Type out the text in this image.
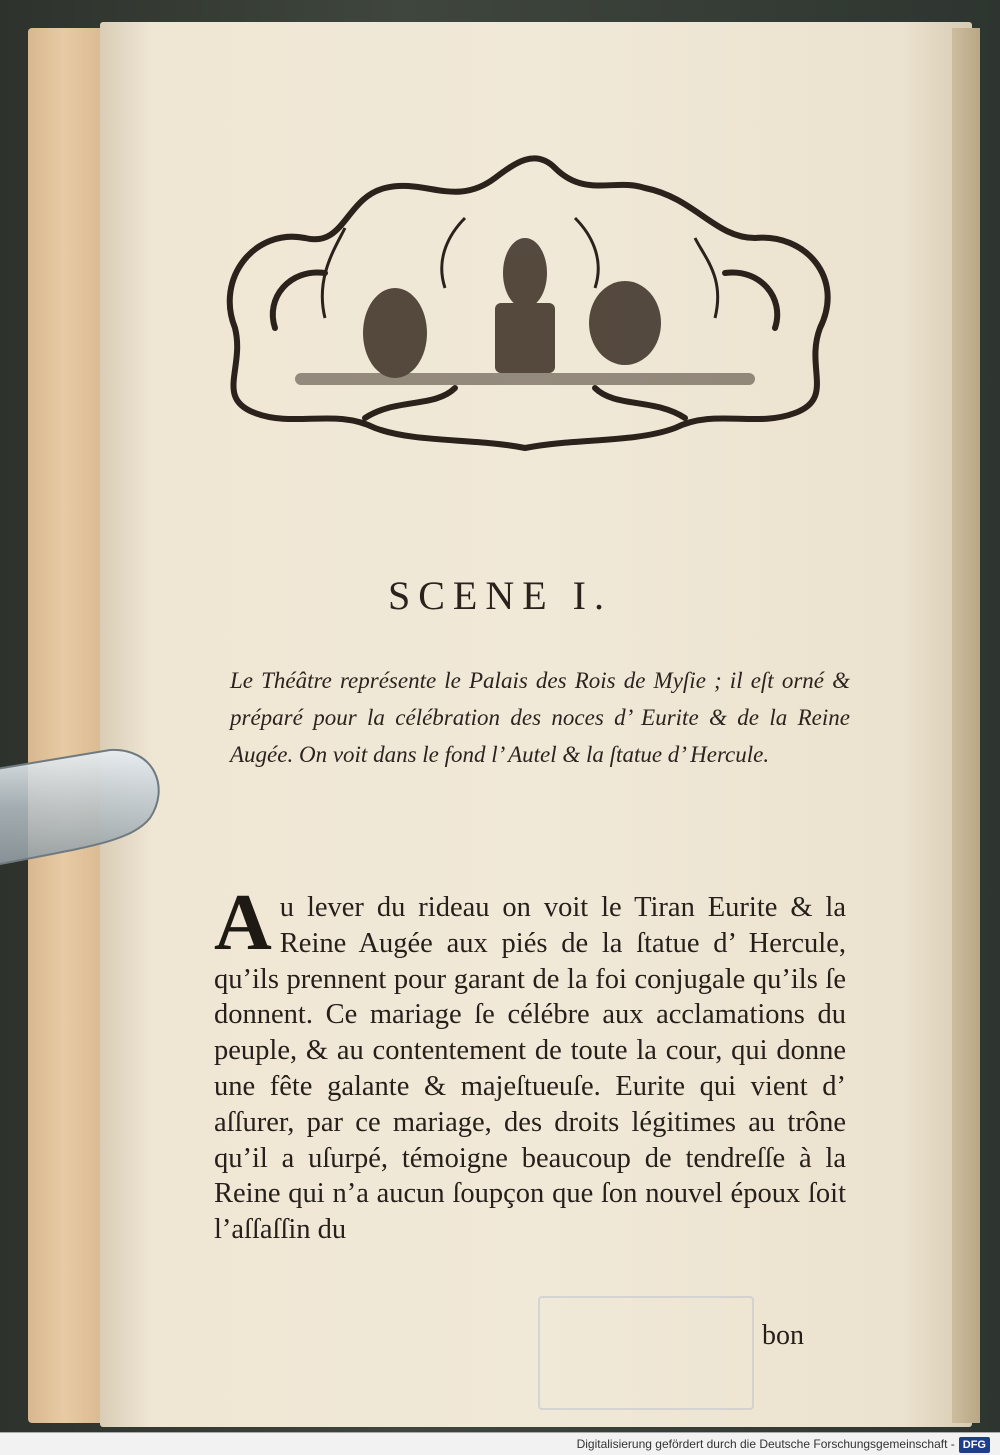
SCENE I.
Le Théâtre représente le Palais des Rois de Myſie ; il eſt orné & préparé pour la célébration des noces d’ Eurite & de la Reine Augée. On voit dans le fond l’ Autel & la ſtatue d’ Hercule.
Au lever du rideau on voit le Tiran Eurite & la Reine Augée aux piés de la ſtatue d’ Hercule, qu’ils prennent pour garant de la foi conjugale qu’ils ſe donnent. Ce mariage ſe célébre aux acclamations du peuple, & au contentement de toute la cour, qui donne une fête galante & majeſtueuſe. Eurite qui vient d’ aſſurer, par ce mariage, des droits légitimes au trône qu’il a uſurpé, témoigne beaucoup de tendreſſe à la Reine qui n’a aucun ſoupçon que ſon nouvel époux ſoit l’aſſaſſin du
bon
Digitalisierung gefördert durch die Deutsche Forschungsgemeinschaft - DFG
